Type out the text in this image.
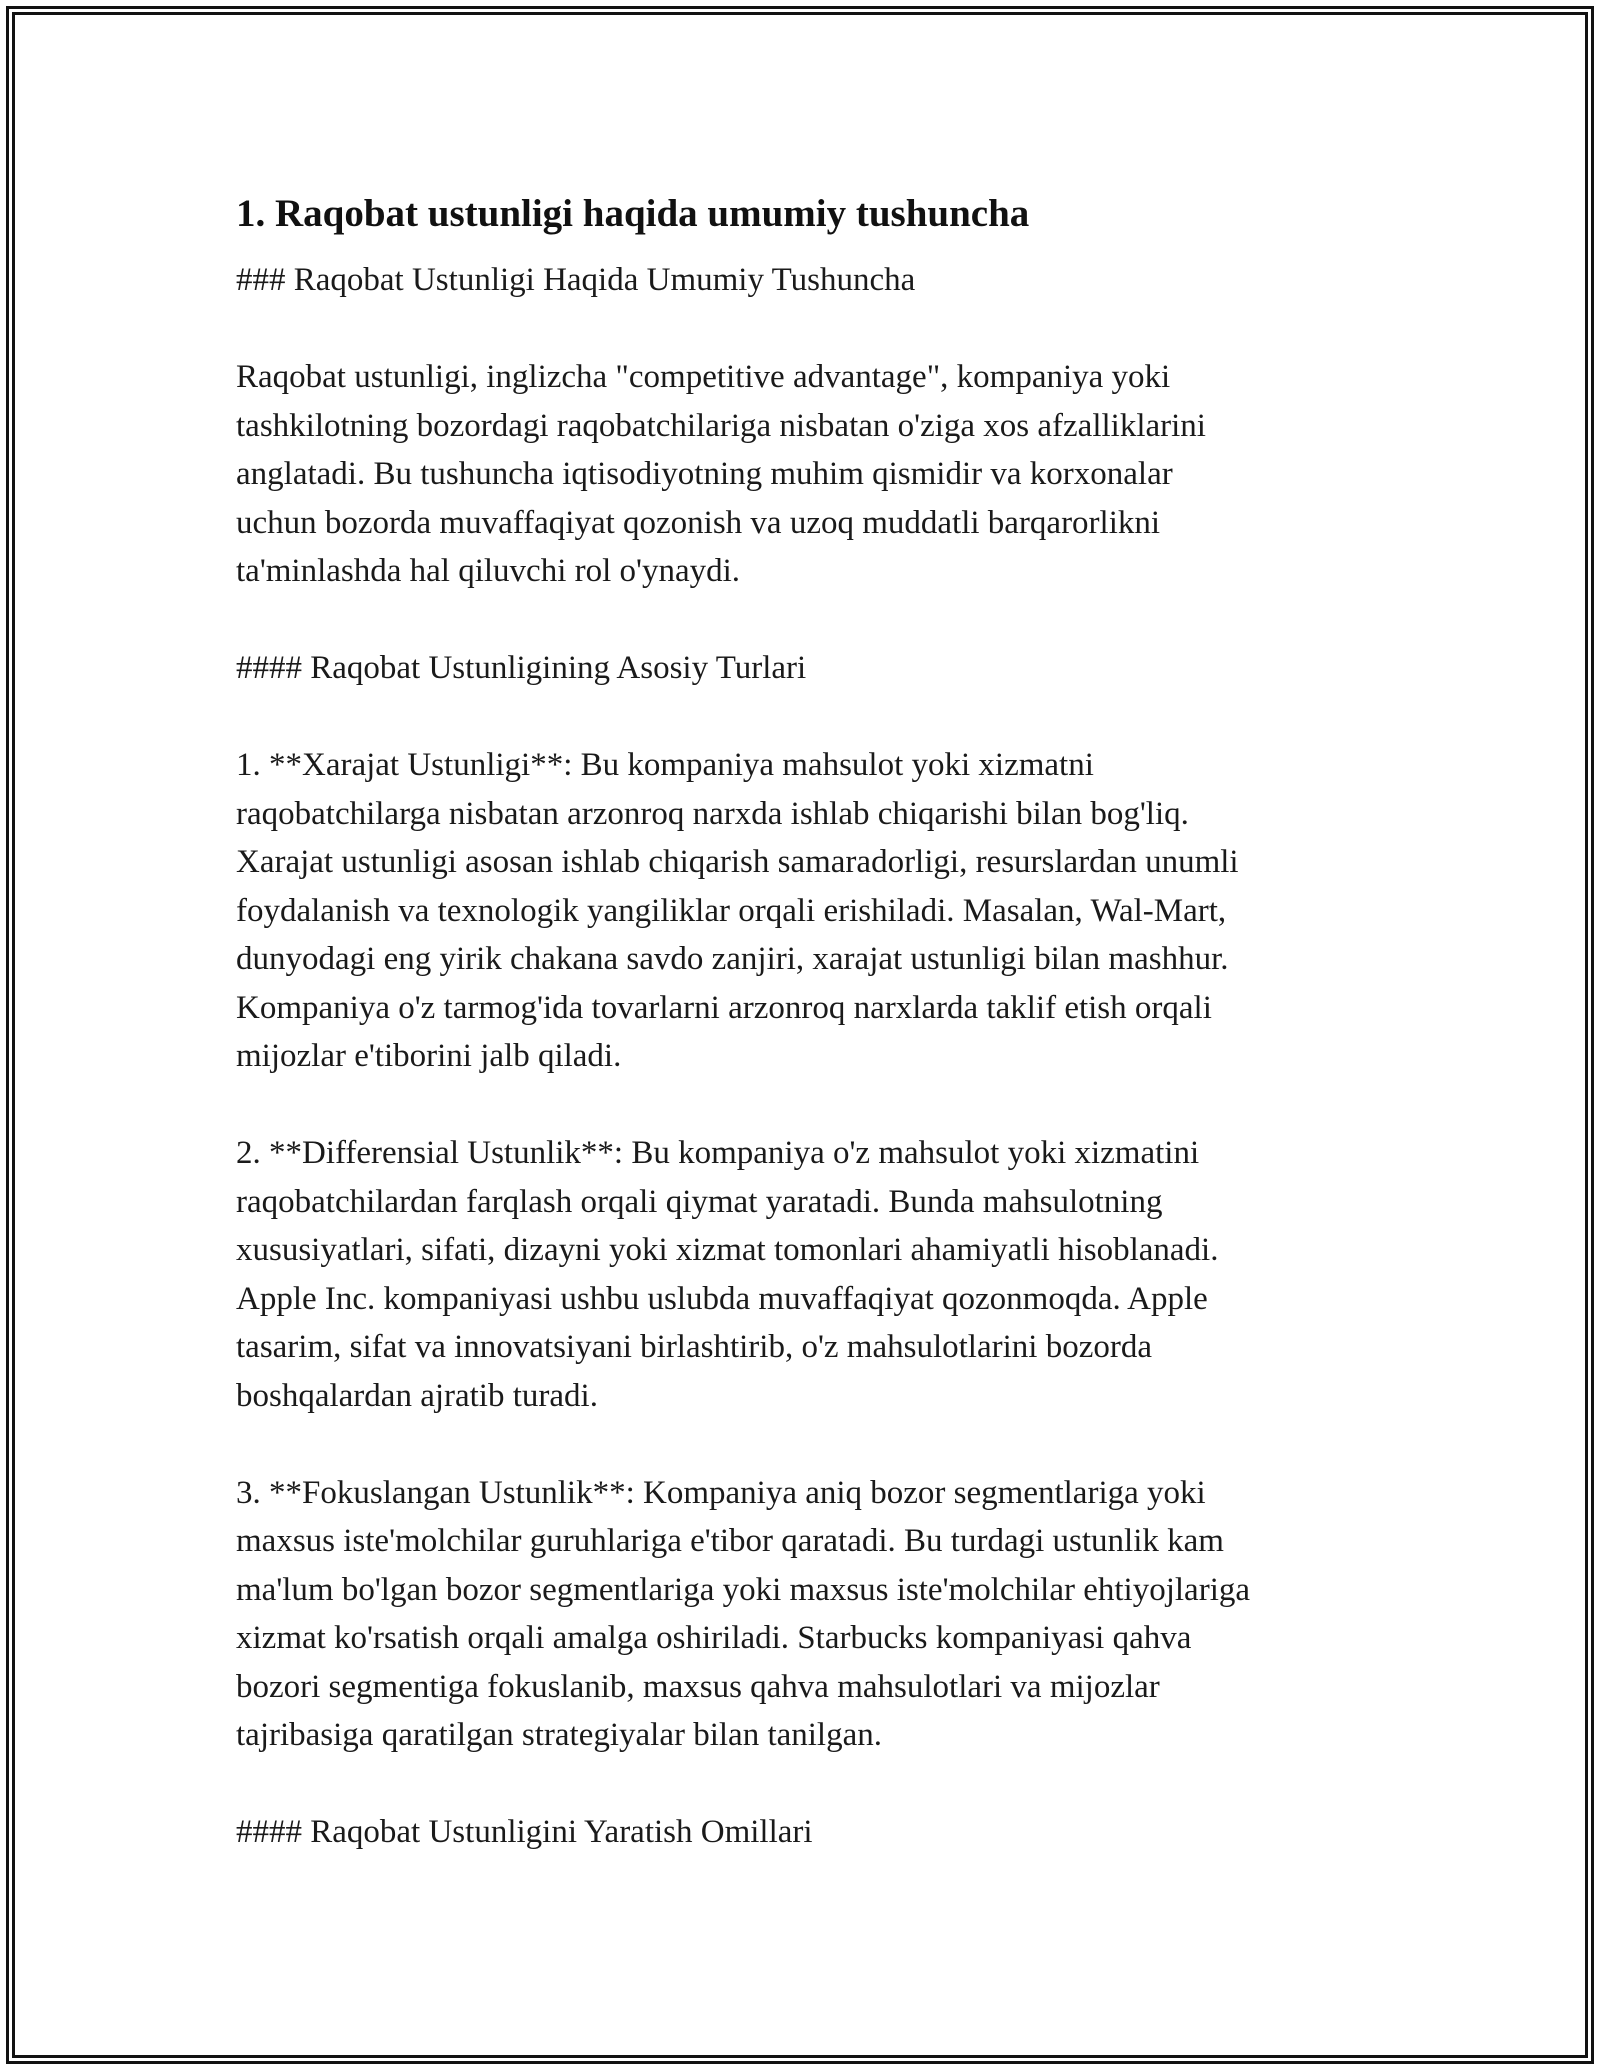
1. Raqobat ustunligi haqida umumiy tushuncha

### Raqobat Ustunligi Haqida Umumiy Tushuncha

Raqobat ustunligi, inglizcha "competitive advantage", kompaniya yoki
tashkilotning bozordagi raqobatchilariga nisbatan o'ziga xos afzalliklarini
anglatadi. Bu tushuncha iqtisodiyotning muhim qismidir va korxonalar
uchun bozorda muvaffaqiyat qozonish va uzoq muddatli barqarorlikni
ta'minlashda hal qiluvchi rol o'ynaydi.

#### Raqobat Ustunligining Asosiy Turlari

1. **Xarajat Ustunligi**: Bu kompaniya mahsulot yoki xizmatni
raqobatchilarga nisbatan arzonroq narxda ishlab chiqarishi bilan bog'liq.
Xarajat ustunligi asosan ishlab chiqarish samaradorligi, resurslardan unumli
foydalanish va texnologik yangiliklar orqali erishiladi. Masalan, Wal-Mart,
dunyodagi eng yirik chakana savdo zanjiri, xarajat ustunligi bilan mashhur.
Kompaniya o'z tarmog'ida tovarlarni arzonroq narxlarda taklif etish orqali
mijozlar e'tiborini jalb qiladi.
2. **Differensial Ustunlik**: Bu kompaniya o'z mahsulot yoki xizmatini
raqobatchilardan farqlash orqali qiymat yaratadi. Bunda mahsulotning
xususiyatlari, sifati, dizayni yoki xizmat tomonlari ahamiyatli hisoblanadi.
Apple Inc. kompaniyasi ushbu uslubda muvaffaqiyat qozonmoqda. Apple
tasarim, sifat va innovatsiyani birlashtirib, o'z mahsulotlarini bozorda
boshqalardan ajratib turadi.
3. **Fokuslangan Ustunlik**: Kompaniya aniq bozor segmentlariga yoki
maxsus iste'molchilar guruhlariga e'tibor qaratadi. Bu turdagi ustunlik kam
ma'lum bo'lgan bozor segmentlariga yoki maxsus iste'molchilar ehtiyojlariga
xizmat ko'rsatish orqali amalga oshiriladi. Starbucks kompaniyasi qahva
bozori segmentiga fokuslanib, maxsus qahva mahsulotlari va mijozlar
tajribasiga qaratilgan strategiyalar bilan tanilgan.

#### Raqobat Ustunligini Yaratish Omillari
